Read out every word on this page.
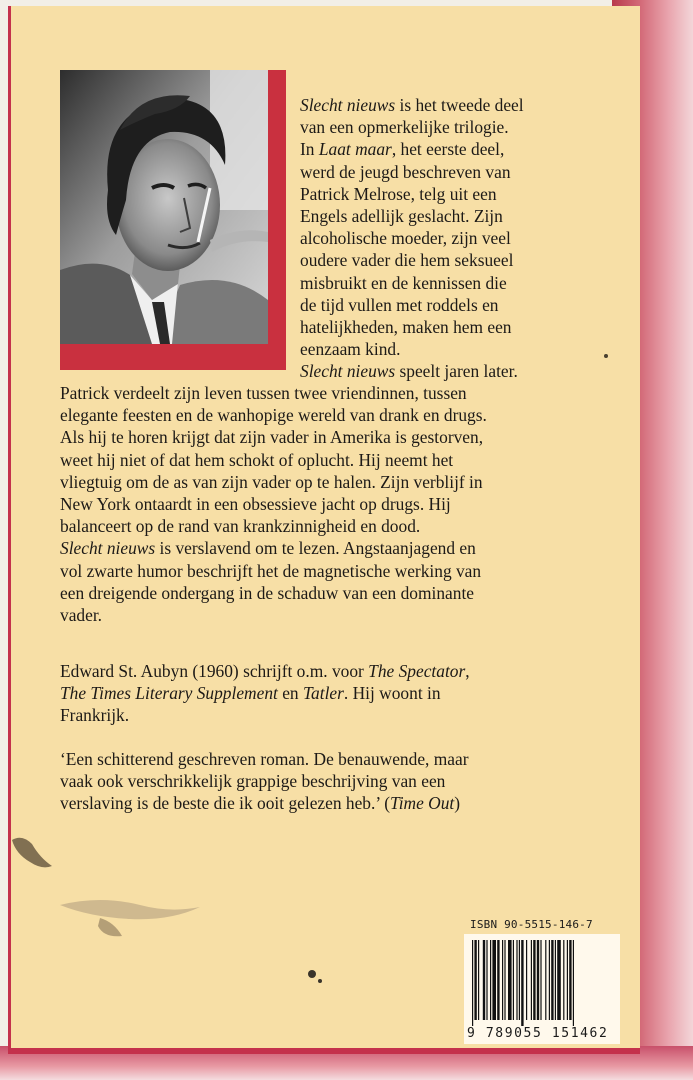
Slecht nieuws is het tweede deel
van een opmerkelijke trilogie.
In Laat maar, het eerste deel,
werd de jeugd beschreven van
Patrick Melrose, telg uit een
Engels adellijk geslacht. Zijn
alcoholische moeder, zijn veel
oudere vader die hem seksueel
misbruikt en de kennissen die
de tijd vullen met roddels en
hatelijkheden, maken hem een
eenzaam kind.
Slecht nieuws speelt jaren later.
Patrick verdeelt zijn leven tussen twee vriendinnen, tussen
elegante feesten en de wanhopige wereld van drank en drugs.
Als hij te horen krijgt dat zijn vader in Amerika is gestorven,
weet hij niet of dat hem schokt of oplucht. Hij neemt het
vliegtuig om de as van zijn vader op te halen. Zijn verblijf in
New York ontaardt in een obsessieve jacht op drugs. Hij
balanceert op de rand van krankzinnigheid en dood.
Slecht nieuws is verslavend om te lezen. Angstaanjagend en
vol zwarte humor beschrijft het de magnetische werking van
een dreigende ondergang in de schaduw van een dominante
vader.
Edward St. Aubyn (1960) schrijft o.m. voor The Spectator,
The Times Literary Supplement en Tatler. Hij woont in
Frankrijk.
‘Een schitterend geschreven roman. De benauwende, maar
vaak ook verschrikkelijk grappige beschrijving van een
verslaving is de beste die ik ooit gelezen heb.’ (Time Out)
ISBN 90-5515-146-7
9 789055 151462
